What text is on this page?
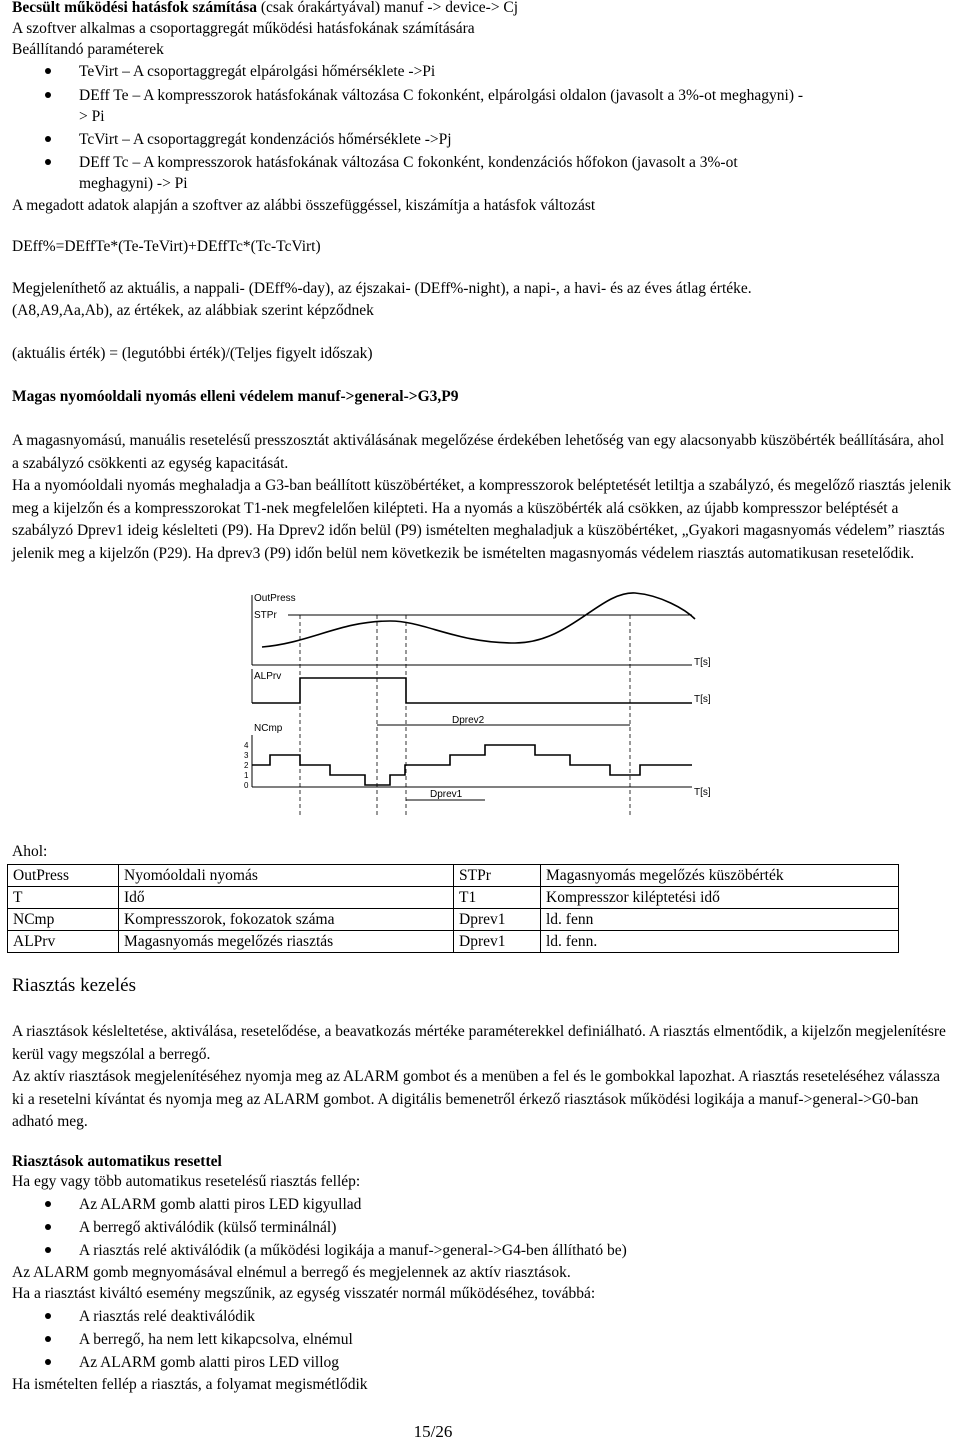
Becsült működési hatásfok számítása (csak órakártyával) manuf -> device-> Cj
A szoftver alkalmas a csoportaggregát működési hatásfokának számítására
Beállítandó paraméterek
TeVirt – A csoportaggregát elpárolgási hőmérséklete ->Pi
DEff Te – A kompresszorok hatásfokának változása C fokonként, elpárolgási oldalon (javasolt a 3%-ot meghagyni) -
> Pi
TcVirt – A csoportaggregát kondenzációs hőmérséklete ->Pj
DEff Tc – A kompresszorok hatásfokának változása C fokonként, kondenzációs hőfokon (javasolt a 3%-ot
meghagyni) -> Pi
A megadott adatok alapján a szoftver az alábbi összefüggéssel, kiszámítja a hatásfok változást
DEff%=DEffTe*(Te-TeVirt)+DEffTc*(Tc-TcVirt)
Megjeleníthető az aktuális, a nappali- (DEff%-day), az éjszakai- (DEff%-night), a napi-, a havi- és az éves átlag értéke.
(A8,A9,Aa,Ab), az értékek, az alábbiak szerint képződnek
(aktuális érték) = (legutóbbi érték)/(Teljes figyelt időszak)
Magas nyomóoldali nyomás elleni védelem manuf->general->G3,P9
A magasnyomású, manuális resetelésű presszosztát aktiválásának megelőzése érdekében lehetőség van egy alacsonyabb küszöbérték beállítására, ahol a szabályzó csökkenti az egység kapacitását.
Ha a nyomóoldali nyomás meghaladja a G3-ban beállított küszöbértéket, a kompresszorok beléptetését letiltja a szabályzó, és megelőző riasztás jelenik meg a kijelzőn és a kompresszorokat T1-nek megfelelően kilépteti. Ha a nyomás a küszöbérték alá csökken, az újabb kompresszor beléptését a szabályzó Dprev1 ideig késlelteti (P9). Ha Dprev2 időn belül (P9) ismételten meghaladjuk a küszöbértéket, „Gyakori magasnyomás védelem” riasztás jelenik meg a kijelzőn (P29). Ha dprev3 (P9) időn belül nem következik be ismételten magasnyomás védelem riasztás automatikusan resetelődik.
OutPress
STPr
T[s]
ALPrv
T[s]
Dprev2
NCmp
4
3
2
1
0
Dprev1	T[s]
Ahol:
OutPress	Nyomóoldali nyomás	STPr	Magasnyomás megelőzés küszöbérték
T	Idő	T1	Kompresszor kiléptetési idő
NCmp	Kompresszorok, fokozatok száma	Dprev1	ld. fenn
ALPrv	Magasnyomás megelőzés riasztás	Dprev1	ld. fenn.
Riasztás kezelés
A riasztások késleltetése, aktiválása, resetelődése, a beavatkozás mértéke paraméterekkel definiálható. A riasztás elmentődik, a kijelzőn megjelenítésre kerül vagy megszólal a berregő.
Az aktív riasztások megjelenítéséhez nyomja meg az ALARM gombot és a menüben a fel és le gombokkal lapozhat. A riasztás reseteléséhez válassza ki a resetelni kívántat és nyomja meg az ALARM gombot. A digitális bemenetről érkező riasztások működési logikája a manuf->general->G0-ban adható meg.
Riasztások automatikus resettel
Ha egy vagy több automatikus resetelésű riasztás fellép:
Az ALARM gomb alatti piros LED kigyullad
A berregő aktiválódik (külső terminálnál)
A riasztás relé aktiválódik (a működési logikája a manuf->general->G4-ben állítható be)
Az ALARM gomb megnyomásával elnémul a berregő és megjelennek az aktív riasztások.
Ha a riasztást kiváltó esemény megszűnik, az egység visszatér normál működéséhez, továbbá:
A riasztás relé deaktiválódik
A berregő, ha nem lett kikapcsolva, elnémul
Az ALARM gomb alatti piros LED villog
Ha ismételten fellép a riasztás, a folyamat megismétlődik
15/26
